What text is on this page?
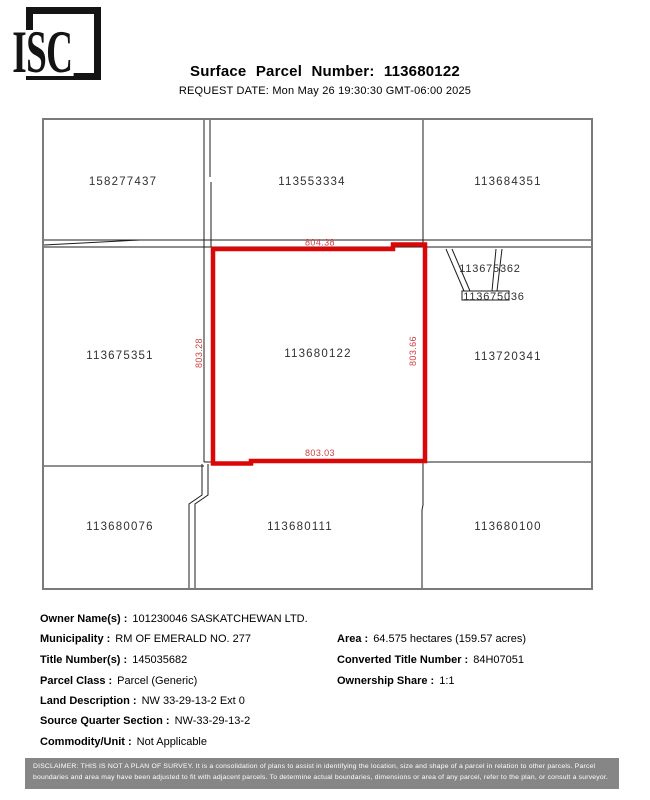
ISC	Surface Parcel Number: 113680122
REQUEST DATE: Mon May 26 19:30:30 GMT-06:00 2025
158277437	113553334	113684351
113675351	113680122	113720341
113675362
113675036
113680076	113680111	113680100
804.38
803.03
803.28	803.66
Owner Name(s) : 101230046 SASKATCHEWAN LTD.
Municipality : RM OF EMERALD NO. 277
Title Number(s) : 145035682
Parcel Class : Parcel (Generic)
Land Description : NW 33-29-13-2 Ext 0
Source Quarter Section : NW-33-29-13-2
Commodity/Unit : Not Applicable
Area : 64.575 hectares (159.57 acres)
Converted Title Number : 84H07051
Ownership Share : 1:1
DISCLAIMER: THIS IS NOT A PLAN OF SURVEY. It is a consolidation of plans to assist in identifying the location, size and shape of a parcel in relation to other parcels. Parcel boundaries and area may have been adjusted to fit with adjacent parcels. To determine actual boundaries, dimensions or area of any parcel, refer to the plan, or consult a surveyor.
